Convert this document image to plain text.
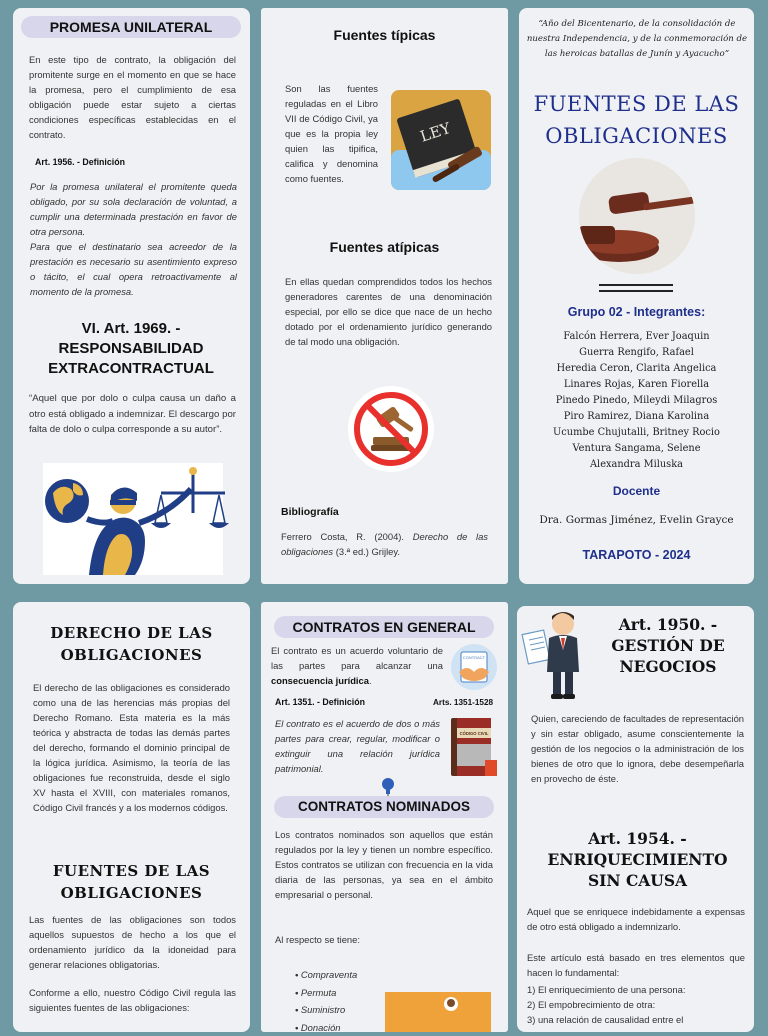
PROMESA UNILATERAL
En este tipo de contrato, la obligación del promitente surge en el momento en que se hace la promesa, pero el cumplimiento de esa obligación puede estar sujeto a ciertas condiciones específicas establecidas en el contrato.
Art. 1956. - Definición
Por la promesa unilateral el promitente queda obligado, por su sola declaración de voluntad, a cumplir una determinada prestación en favor de otra persona.
Para que el destinatario sea acreedor de la prestación es necesario su asentimiento expreso o tácito, el cual opera retroactivamente al momento de la promesa.
VI. Art. 1969. - RESPONSABILIDAD EXTRACONTRACTUAL
“Aquel que por dolo o culpa causa un daño a otro está obligado a indemnizar. El descargo por falta de dolo o culpa corresponde a su autor”.
Fuentes típicas
Son las fuentes reguladas en el Libro VII de Código Civil, ya que es la propia ley quien las tipifica, califica y denomina como fuentes.
LEY
Fuentes atípicas
En ellas quedan comprendidos todos los hechos generadores carentes de una denominación especial, por ello se dice que nace de un hecho dotado por el ordenamiento jurídico generando de tal modo una obligación.
Bibliografía
Ferrero Costa, R. (2004). Derecho de las obligaciones (3.ª ed.) Grijley.
“Año del Bicentenario, de la consolidación de nuestra Independencia, y de la conmemoración de las heroicas batallas de Junín y Ayacucho”
FUENTES DE LAS OBLIGACIONES
Grupo 02 - Integrantes:
Falcón Herrera, Ever Joaquin
Guerra Rengifo, Rafael
Heredia Ceron, Clarita Angelica
Linares Rojas, Karen Fiorella
Pinedo Pinedo, Mileydi Milagros
Piro Ramirez, Diana Karolina
Ucumbe Chujutalli, Britney Rocio
Ventura Sangama, Selene
Alexandra Miluska
Docente
Dra. Gormas Jiménez, Evelin Grayce
TARAPOTO - 2024
DERECHO DE LAS OBLIGACIONES
El derecho de las obligaciones es considerado como una de las herencias más propias del Derecho Romano. Esta materia es la más teórica y abstracta de todas las demás partes del derecho, formando el dominio principal de la lógica jurídica. Asimismo, la teoría de las obligaciones fue reconstruida, desde el siglo XV hasta el XVIII, con materiales romanos, Código Civil francés y a los modernos códigos.
FUENTES DE LAS OBLIGACIONES
Las fuentes de las obligaciones son todos aquellos supuestos de hecho a los que el ordenamiento jurídico da la idoneidad para generar relaciones obligatorias.
Conforme a ello, nuestro Código Civil regula las siguientes fuentes de las obligaciones:
CONTRATOS EN GENERAL
El contrato es un acuerdo voluntario de las partes para alcanzar una consecuencia jurídica.
CONTRACT
Art. 1351. - Definición	Arts. 1351-1528
El contrato es el acuerdo de dos o más partes para crear, regular, modificar o extinguir una relación jurídica patrimonial.
CÓDIGO CIVIL
CONTRATOS NOMINADOS
Los contratos nominados son aquellos que están regulados por la ley y tienen un nombre específico. Estos contratos se utilizan con frecuencia en la vida diaria de las personas, ya sea en el ámbito empresarial o personal.
Al respecto se tiene:
• Compraventa
• Permuta
• Suministro
• Donación
Art. 1950. - GESTIÓN DE NEGOCIOS
Quien, careciendo de facultades de representación y sin estar obligado, asume conscientemente la gestión de los negocios o la administración de los bienes de otro que lo ignora, debe desempeñarla en provecho de éste.
Art. 1954. - ENRIQUECIMIENTO SIN CAUSA
Aquel que se enriquece indebidamente a expensas de otro está obligado a indemnizarlo.
Este artículo está basado en tres elementos que hacen lo fundamental:
1) El enriquecimiento de una persona:
2) El empobrecimiento de otra:
3) una relación de causalidad entre el
